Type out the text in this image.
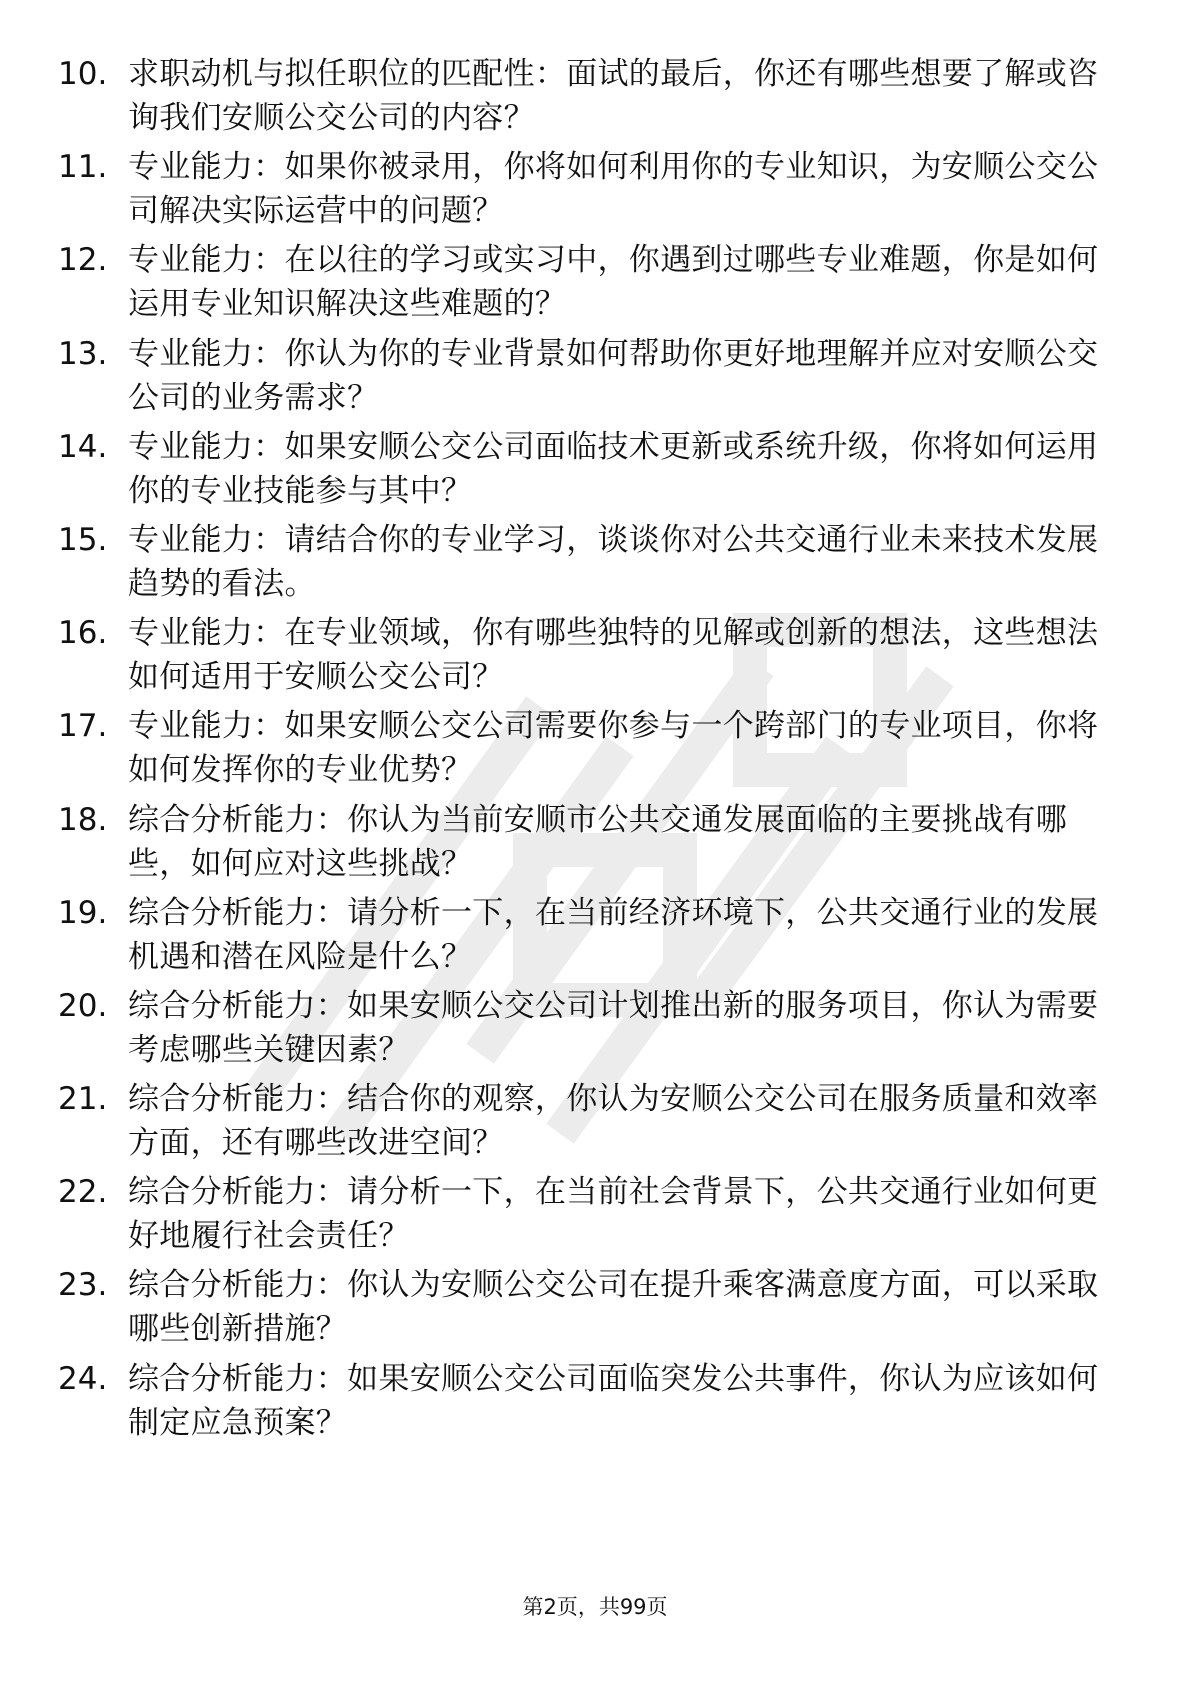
10. 求职动机与拟任职位的匹配性：面试的最后，你还有哪些想要了解或咨询我们安顺公交公司的内容？
11. 专业能力：如果你被录用，你将如何利用你的专业知识，为安顺公交公司解决实际运营中的问题？
12. 专业能力：在以往的学习或实习中，你遇到过哪些专业难题，你是如何运用专业知识解决这些难题的？
13. 专业能力：你认为你的专业背景如何帮助你更好地理解并应对安顺公交公司的业务需求？
14. 专业能力：如果安顺公交公司面临技术更新或系统升级，你将如何运用你的专业技能参与其中？
15. 专业能力：请结合你的专业学习，谈谈你对公共交通行业未来技术发展趋势的看法。
16. 专业能力：在专业领域，你有哪些独特的见解或创新的想法，这些想法如何适用于安顺公交公司？
17. 专业能力：如果安顺公交公司需要你参与一个跨部门的专业项目，你将如何发挥你的专业优势？
18. 综合分析能力：你认为当前安顺市公共交通发展面临的主要挑战有哪些，如何应对这些挑战？
19. 综合分析能力：请分析一下，在当前经济环境下，公共交通行业的发展机遇和潜在风险是什么？
20. 综合分析能力：如果安顺公交公司计划推出新的服务项目，你认为需要考虑哪些关键因素？
21. 综合分析能力：结合你的观察，你认为安顺公交公司在服务质量和效率方面，还有哪些改进空间？
22. 综合分析能力：请分析一下，在当前社会背景下，公共交通行业如何更好地履行社会责任？
23. 综合分析能力：你认为安顺公交公司在提升乘客满意度方面，可以采取哪些创新措施？
24. 综合分析能力：如果安顺公交公司面临突发公共事件，你认为应该如何制定应急预案？
第2页，共99页
